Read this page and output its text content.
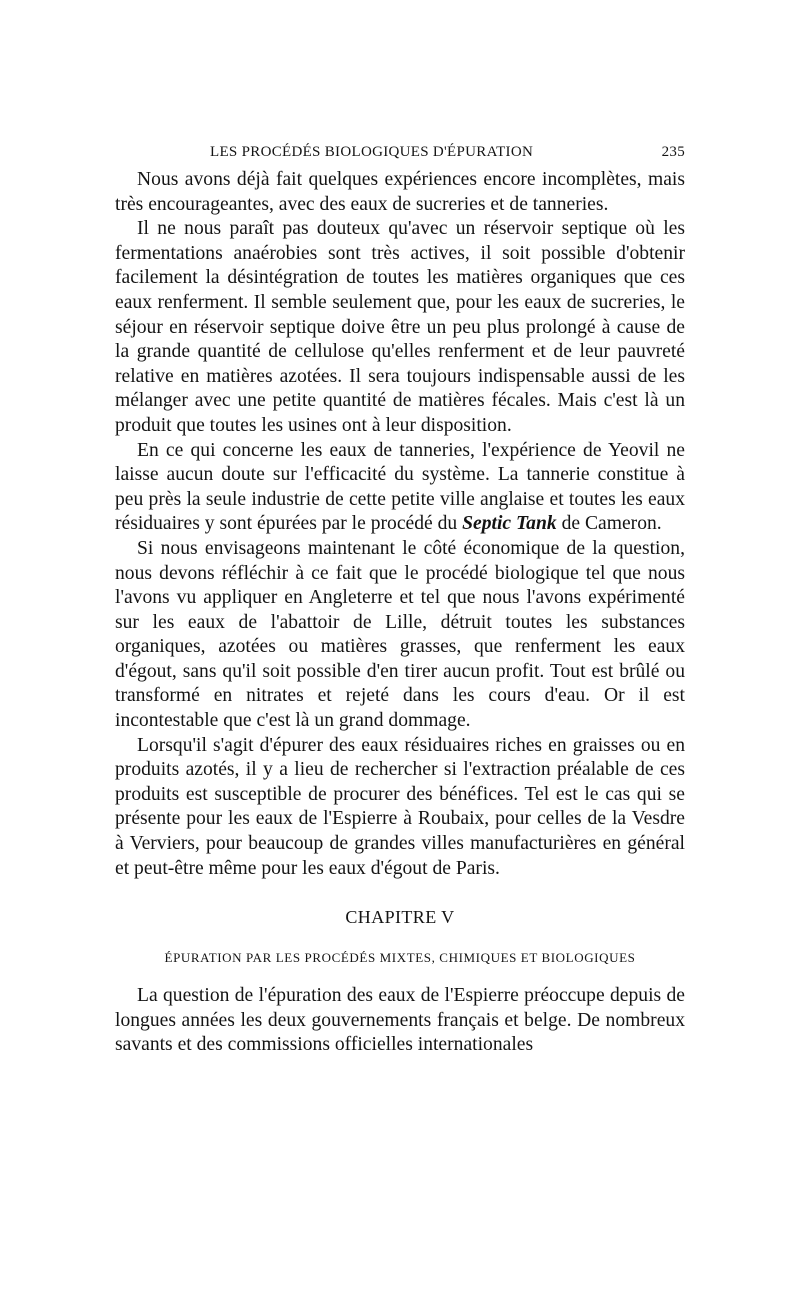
LES PROCÉDÉS BIOLOGIQUES D'ÉPURATION	235

Nous avons déjà fait quelques expériences encore incomplètes, mais très encourageantes, avec des eaux de sucreries et de tanneries.

Il ne nous paraît pas douteux qu'avec un réservoir septique où les fermentations anaérobies sont très actives, il soit possible d'obtenir facilement la désintégration de toutes les matières organiques que ces eaux renferment. Il semble seulement que, pour les eaux de sucreries, le séjour en réservoir septique doive être un peu plus prolongé à cause de la grande quantité de cellulose qu'elles renferment et de leur pauvreté relative en matières azotées. Il sera toujours indispensable aussi de les mélanger avec une petite quantité de matières fécales. Mais c'est là un produit que toutes les usines ont à leur disposition.

En ce qui concerne les eaux de tanneries, l'expérience de Yeovil ne laisse aucun doute sur l'efficacité du système. La tannerie constitue à peu près la seule industrie de cette petite ville anglaise et toutes les eaux résiduaires y sont épurées par le procédé du Septic Tank de Cameron.

Si nous envisageons maintenant le côté économique de la question, nous devons réfléchir à ce fait que le procédé biologique tel que nous l'avons vu appliquer en Angleterre et tel que nous l'avons expérimenté sur les eaux de l'abattoir de Lille, détruit toutes les substances organiques, azotées ou matières grasses, que renferment les eaux d'égout, sans qu'il soit possible d'en tirer aucun profit. Tout est brûlé ou transformé en nitrates et rejeté dans les cours d'eau. Or il est incontestable que c'est là un grand dommage.

Lorsqu'il s'agit d'épurer des eaux résiduaires riches en graisses ou en produits azotés, il y a lieu de rechercher si l'extraction préalable de ces produits est susceptible de procurer des bénéfices. Tel est le cas qui se présente pour les eaux de l'Espierre à Roubaix, pour celles de la Vesdre à Verviers, pour beaucoup de grandes villes manufacturières en général et peut-être même pour les eaux d'égout de Paris.

CHAPITRE V
ÉPURATION PAR LES PROCÉDÉS MIXTES, CHIMIQUES ET BIOLOGIQUES

La question de l'épuration des eaux de l'Espierre préoccupe depuis de longues années les deux gouvernements français et belge. De nombreux savants et des commissions officielles internationales
